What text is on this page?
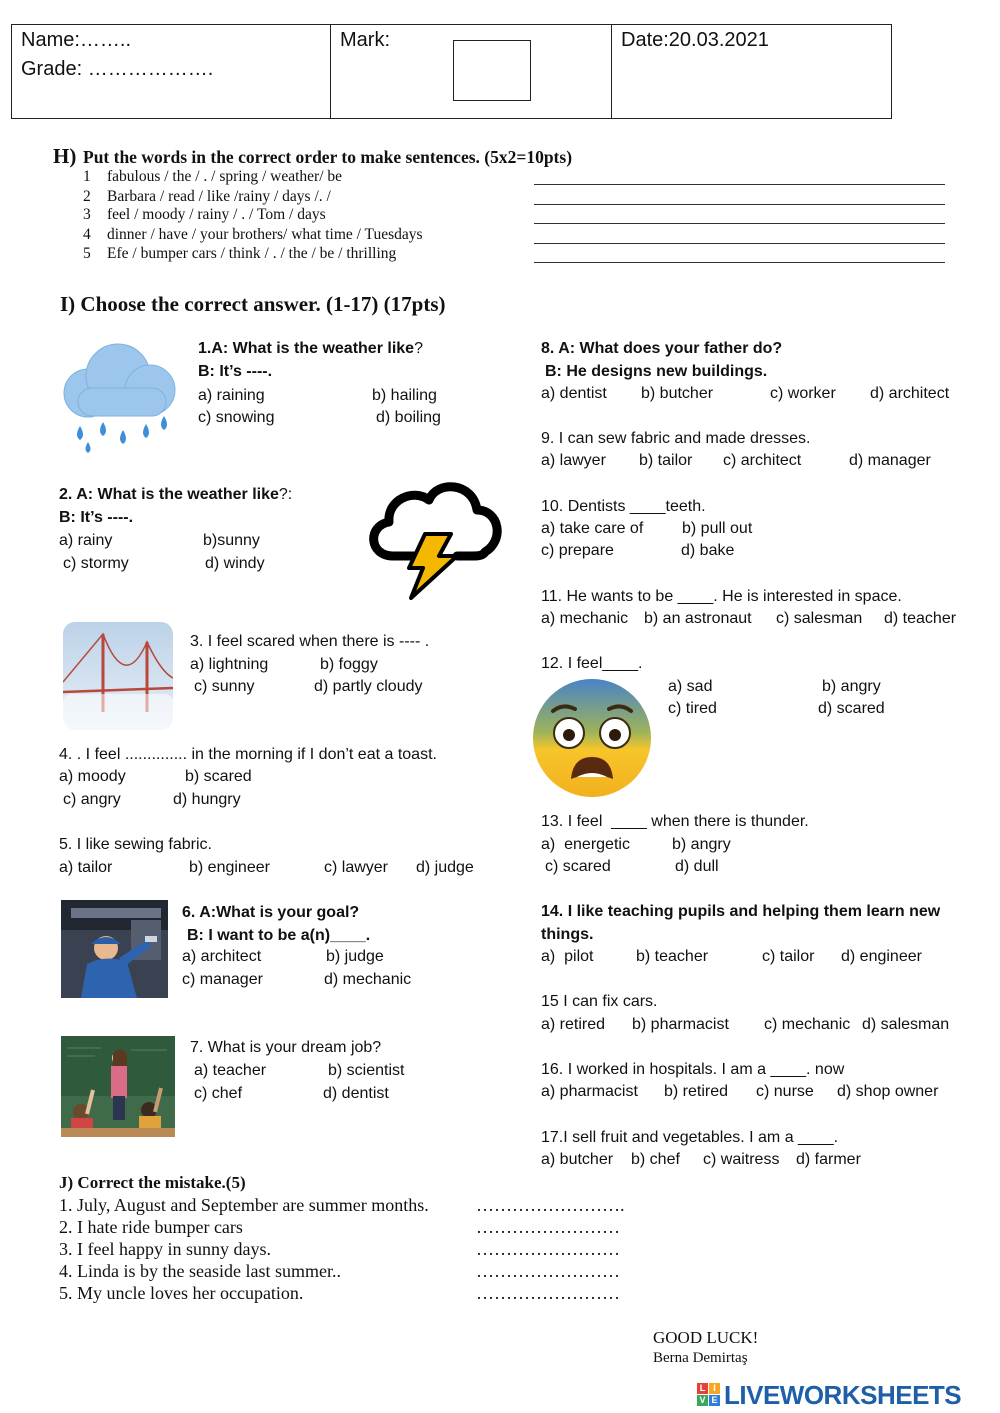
Name:……..
Grade: ……………….
Mark:	Date:20.03.2021
H) Put the words in the correct order to make sentences. (5x2=10pts)
1 fabulous / the / . / spring / weather/ be
2 Barbara / read / like /rainy / days /. /
3 feel / moody / rainy / . / Tom / days
4 dinner / have / your brothers/ what time / Tuesdays
5 Efe / bumper cars / think / . / the / be / thrilling
I) Choose the correct answer. (1-17) (17pts)
1.A: What is the weather like?
B: It’s ----.
a) raining	b) hailing
c) snowing	d) boiling
2. A: What is the weather like?:
B: It’s ----.
a) rainy	b)sunny
c) stormy	d) windy
3. I feel scared when there is ---- .
a) lightning	b) foggy
c) sunny	d) partly cloudy
4. . I feel .............. in the morning if I don’t eat a toast.
a) moody	b) scared
c) angry	d) hungry
5. I like sewing fabric.
a) tailor	b) engineer	c) lawyer d) judge
6. A:What is your goal?
B: I want to be a(n)____.
a) architect	b) judge
c) manager	d) mechanic
7. What is your dream job?
a) teacher	b) scientist
c) chef	d) dentist
8. A: What does your father do?
B: He designs new buildings.
a) dentist b) butcher	c) worker d) architect
9. I can sew fabric and made dresses.
a) lawyer b) tailor c) architect	d) manager
10. Dentists ____teeth.
a) take care of b) pull out
c) prepare	d) bake
11. He wants to be ____. He is interested in space.
a) mechanic b) an astronaut c) salesman d) teacher
12. I feel____.
a) sad	b) angry
c) tired	d) scared
13. I feel  ____ when there is thunder.
a)  energetic	b) angry
c) scared	d) dull
14. I like teaching pupils and helping them learn new
things.
a)  pilot	b) teacher	c) tailor d) engineer
15 I can fix cars.
a) retired b) pharmacist c) mechanic d) salesman
16. I worked in hospitals. I am a ____. now
a) pharmacist b) retired c) nurse d) shop owner
17.I sell fruit and vegetables. I am a ____.
a) butcher b) chef c) waitress d) farmer
J) Correct the mistake.(5)
1. July, August and September are summer months.
2. I hate ride bumper cars
3. I feel happy in sunny days.
4. Linda is by the seaside last summer..
5. My uncle loves her occupation.
…………………….
……………………
……………………
……………………
……………………
GOOD LUCK!
Berna Demirtaş
L I
V E LIVEWORKSHEETS
